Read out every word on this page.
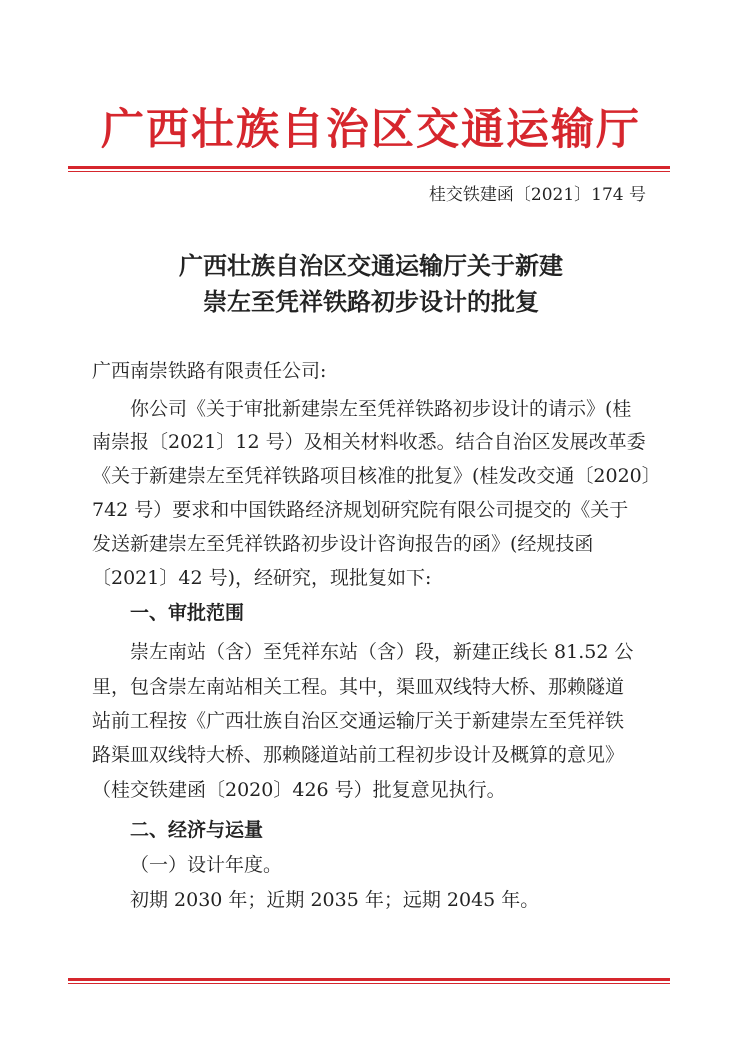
广西壮族自治区交通运输厅
桂交铁建函〔2021〕174 号
广西壮族自治区交通运输厅关于新建
崇左至凭祥铁路初步设计的批复
广西南崇铁路有限责任公司:
你公司《关于审批新建崇左至凭祥铁路初步设计的请示》(桂
南崇报〔2021〕12 号）及相关材料收悉。结合自治区发展改革委
《关于新建崇左至凭祥铁路项目核准的批复》(桂发改交通〔2020〕
742 号）要求和中国铁路经济规划研究院有限公司提交的《关于
发送新建崇左至凭祥铁路初步设计咨询报告的函》(经规技函
〔2021〕42 号)，经研究，现批复如下:
一、审批范围
崇左南站（含）至凭祥东站（含）段，新建正线长 81.52 公
里，包含崇左南站相关工程。其中，渠皿双线特大桥、那赖隧道
站前工程按《广西壮族自治区交通运输厅关于新建崇左至凭祥铁
路渠皿双线特大桥、那赖隧道站前工程初步设计及概算的意见》
（桂交铁建函〔2020〕426 号）批复意见执行。
二、经济与运量
（一）设计年度。
初期 2030 年；近期 2035 年；远期 2045 年。
